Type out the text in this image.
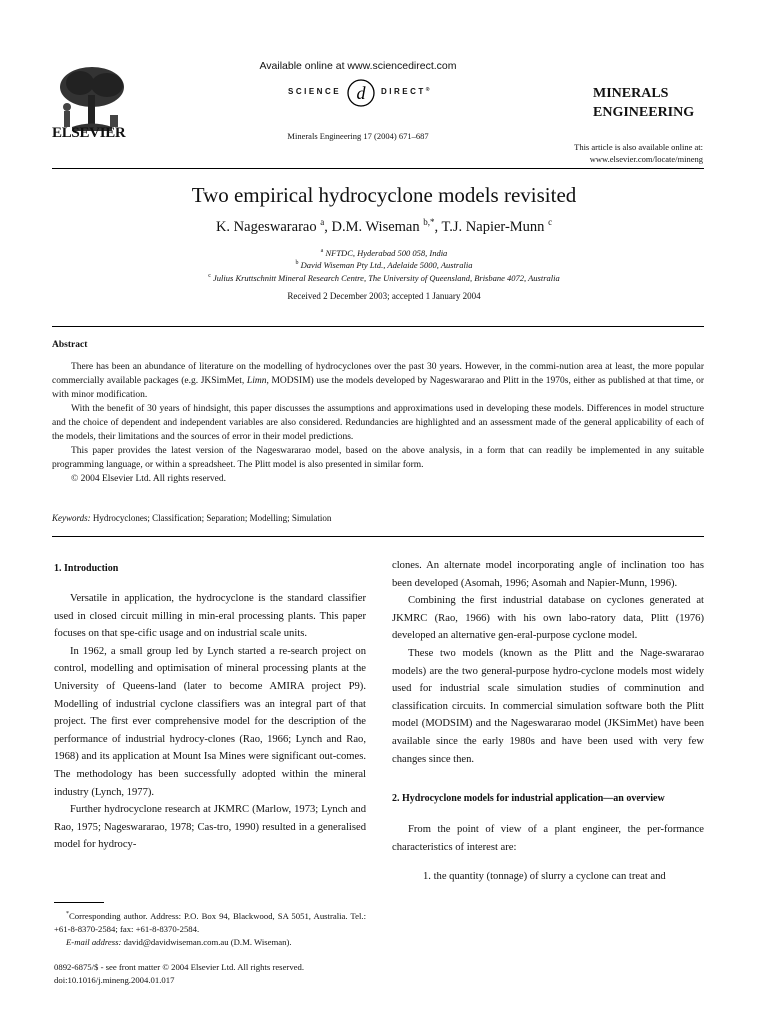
ELSEVIER
Available online at www.sciencedirect.com
SCIENCE d DIRECT®
Minerals Engineering 17 (2004) 671–687
MINERALS
ENGINEERING
This article is also available online at:
www.elsevier.com/locate/mineng
Two empirical hydrocyclone models revisited
K. Nageswararao $^a$, D.M. Wiseman $^{b,*}$, T.J. Napier-Munn $^c$
$^a$ NFTDC, Hyderabad 500 058, India
$^b$ David Wiseman Pty Ltd., Adelaide 5000, Australia
$^c$ Julius Kruttschnitt Mineral Research Centre, The University of Queensland, Brisbane 4072, Australia
Received 2 December 2003; accepted 1 January 2004
Abstract

There has been an abundance of literature on the modelling of hydrocyclones over the past 30 years. However, in the commi-nution area at least, the more popular commercially available packages (e.g. JKSimMet, Limn, MODSIM) use the models developed by Nageswararao and Plitt in the 1970s, either as published at that time, or with minor modification.

With the benefit of 30 years of hindsight, this paper discusses the assumptions and approximations used in developing these models. Differences in model structure and the choice of dependent and independent variables are also considered. Redundancies are highlighted and an assessment made of the general applicability of each of the models, their limitations and the sources of error in their model predictions.

This paper provides the latest version of the Nageswararao model, based on the above analysis, in a form that can readily be implemented in any suitable programming language, or within a spreadsheet. The Plitt model is also presented in similar form.

© 2004 Elsevier Ltd. All rights reserved.

Keywords: Hydrocyclones; Classification; Separation; Modelling; Simulation
1. Introduction

Versatile in application, the hydrocyclone is the standard classifier used in closed circuit milling in min-eral processing plants. This paper focuses on that spe-cific usage and on industrial scale units.

In 1962, a small group led by Lynch started a re-search project on control, modelling and optimisation of mineral processing plants at the University of Queens-land (later to become AMIRA project P9). Modelling of industrial cyclone classifiers was an integral part of that project. The first ever comprehensive model for the description of the performance of industrial hydrocy-clones (Rao, 1966; Lynch and Rao, 1968) and its application at Mount Isa Mines were significant out-comes. The methodology has been successfully adopted within the mineral industry (Lynch, 1977).

Further hydrocyclone research at JKMRC (Marlow, 1973; Lynch and Rao, 1975; Nageswararao, 1978; Cas-tro, 1990) resulted in a generalised model for hydrocy-

clones. An alternate model incorporating angle of inclination too has been developed (Asomah, 1996; Asomah and Napier-Munn, 1996).

Combining the first industrial database on cyclones generated at JKMRC (Rao, 1966) with his own labo-ratory data, Plitt (1976) developed an alternative gen-eral-purpose cyclone model.

These two models (known as the Plitt and the Nage-swararao models) are the two general-purpose hydro-cyclone models most widely used for industrial scale simulation studies of comminution and classification circuits. In commercial simulation software both the Plitt model (MODSIM) and the Nageswararao model (JKSimMet) have been available since the early 1980s and have been used with very few changes since then.

2. Hydrocyclone models for industrial application—an overview

From the point of view of a plant engineer, the per-formance characteristics of interest are:

1. the quantity (tonnage) of slurry a cyclone can treat and

*Corresponding author. Address: P.O. Box 94, Blackwood, SA 5051, Australia. Tel.: +61-8-8370-2584; fax: +61-8-8370-2584.

E-mail address: david@davidwiseman.com.au (D.M. Wiseman).

0892-6875/$ - see front matter © 2004 Elsevier Ltd. All rights reserved.
doi:10.1016/j.mineng.2004.01.017
